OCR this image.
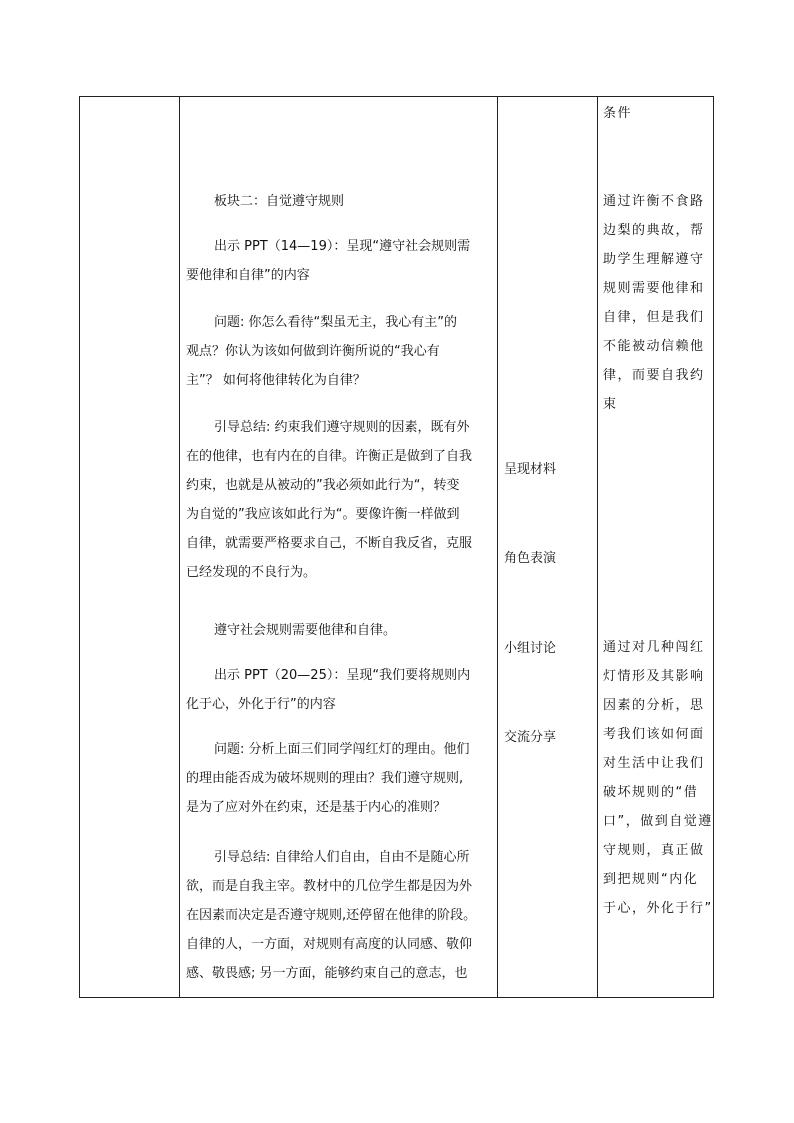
板块二：自觉遵守规则

出示 PPT（14—19）：呈现“遵守社会规则需
要他律和自律”的内容

问题: 你怎么看待“梨虽无主，我心有主”的
观点？你认为该如何做到许衡所说的“我心有
主”？ 如何将他律转化为自律？

引导总结: 约束我们遵守规则的因素，既有外
在的他律，也有内在的自律。许衡正是做到了自我
约束，也就是从被动的”我必须如此行为“，转变
为自觉的”我应该如此行为“。要像许衡一样做到
自律，就需要严格要求自己，不断自我反省，克服
已经发现的不良行为。

遵守社会规则需要他律和自律。

出示 PPT（20—25）：呈现“我们要将规则内
化于心，外化于行”的内容

问题: 分析上面三们同学闯红灯的理由。他们
的理由能否成为破坏规则的理由？我们遵守规则,
是为了应对外在约束，还是基于内心的准则？

引导总结: 自律给人们自由，自由不是随心所
欲，而是自我主宰。教材中的几位学生都是因为外
在因素而决定是否遵守规则,还停留在他律的阶段。
自律的人，一方面，对规则有高度的认同感、敬仰
感、敬畏感; 另一方面，能够约束自己的意志，也

呈现材料

角色表演

小组讨论

交流分享

条件

通过许衡不食路
边梨的典故，帮
助学生理解遵守
规则需要他律和
自律，但是我们
不能被动信赖他
律，而要自我约
束

通过对几种闯红
灯情形及其影响
因素的分析，思
考我们该如何面
对生活中让我们
破坏规则的“借
口”，做到自觉遵
守规则，真正做
到把规则“内化
于心，外化于行”
